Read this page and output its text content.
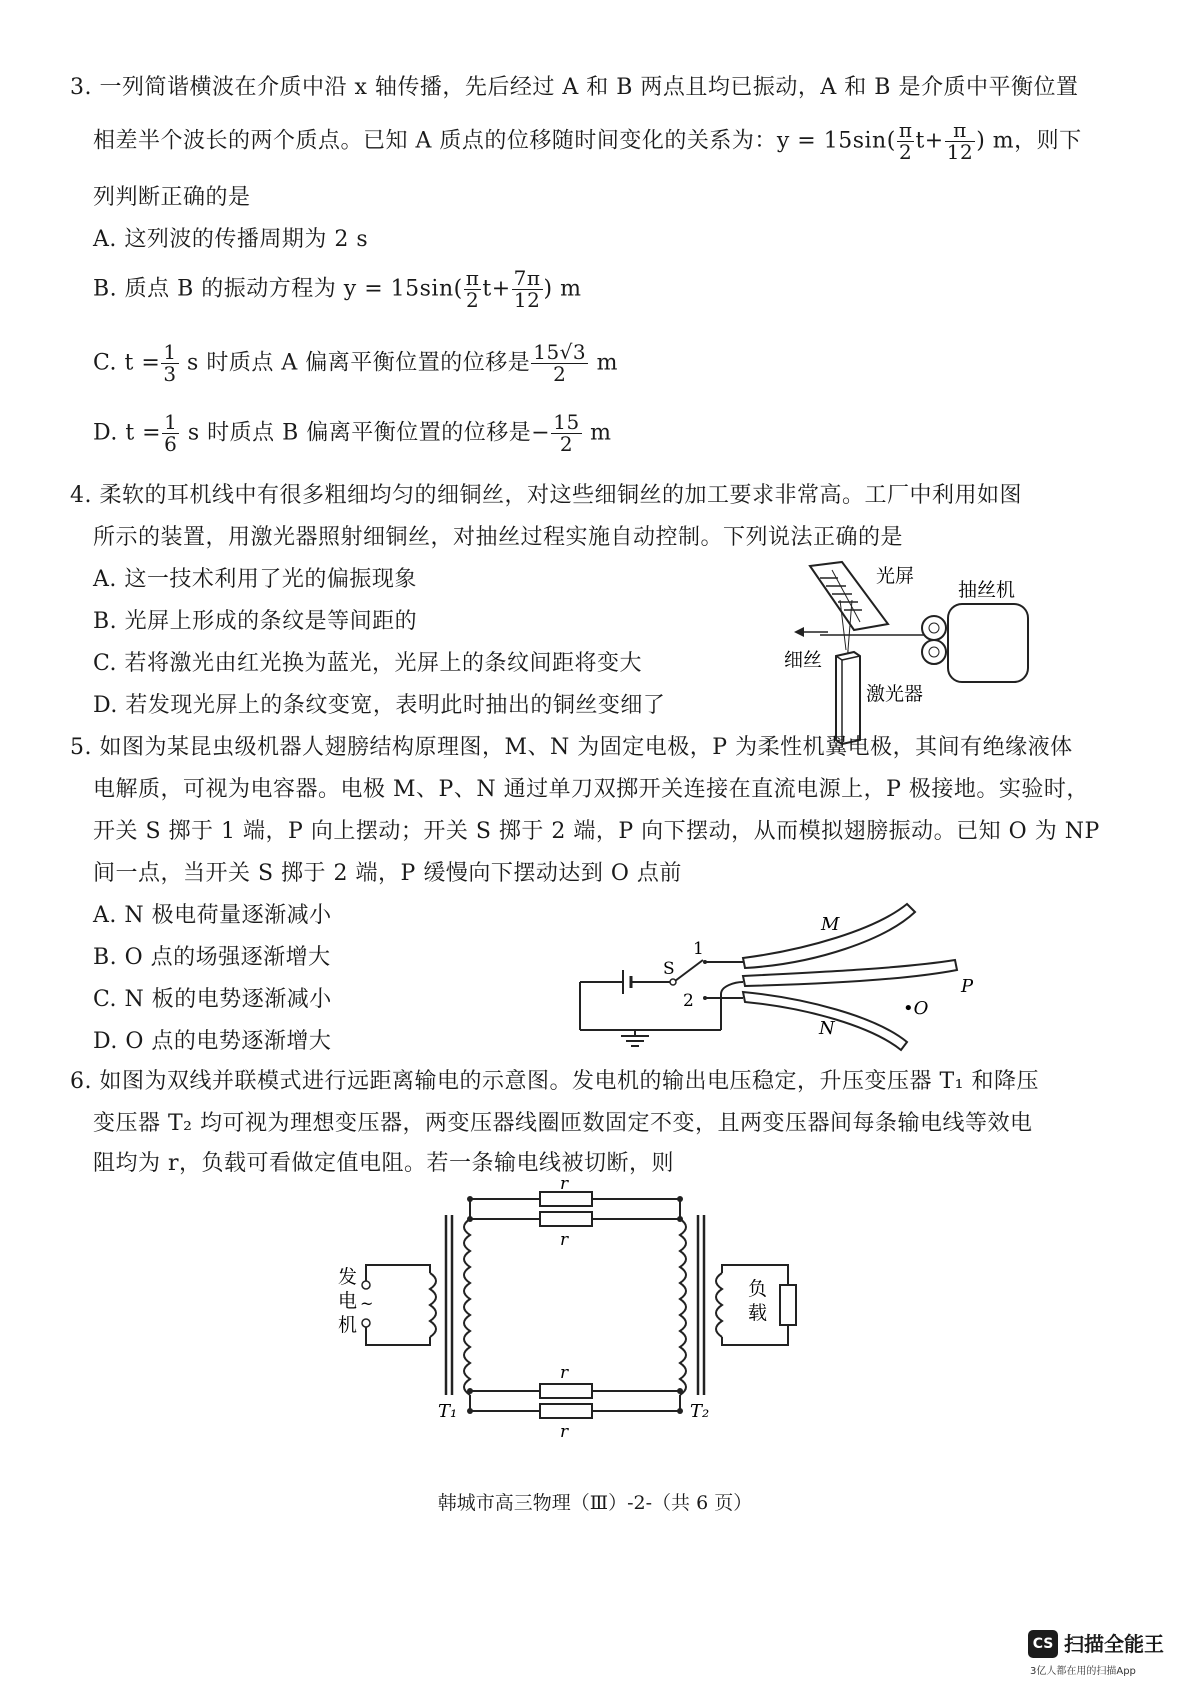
3. 一列简谐横波在介质中沿 x 轴传播，先后经过 A 和 B 两点且均已振动，A 和 B 是介质中平衡位置
相差半个波长的两个质点。已知 A 质点的位移随时间变化的关系为：$y = 15\sin( \frac{\pi}{2} t+ \frac{\pi}{12}$ ) m，则下
列判断正确的是
A. 这列波的传播周期为 2 s
B. 质点 B 的振动方程为 $y = 15\sin( \frac{\pi}{2} t+ \frac{7\pi}{12}$ ) m
C. $t = \frac{1}{3}$ s 时质点 A 偏离平衡位置的位移是 $\frac{15√3}{2}$ m
D. $t = \frac{1}{6}$ s 时质点 B 偏离平衡位置的位移是− $\frac{15}{2}$ m
4. 柔软的耳机线中有很多粗细均匀的细铜丝，对这些细铜丝的加工要求非常高。工厂中利用如图
所示的装置，用激光器照射细铜丝，对抽丝过程实施自动控制。下列说法正确的是
A. 这一技术利用了光的偏振现象
B. 光屏上形成的条纹是等间距的
C. 若将激光由红光换为蓝光，光屏上的条纹间距将变大
D. 若发现光屏上的条纹变宽，表明此时抽出的铜丝变细了
光屏
细丝
激光器
抽丝机
5. 如图为某昆虫级机器人翅膀结构原理图，M、N 为固定电极，P 为柔性机翼电极，其间有绝缘液体
电解质，可视为电容器。电极 M、P、N 通过单刀双掷开关连接在直流电源上，P 极接地。实验时，
开关 S 掷于 1 端，P 向上摆动；开关 S 掷于 2 端，P 向下摆动，从而模拟翅膀振动。已知 O 为 NP
间一点，当开关 S 掷于 2 端，P 缓慢向下摆动达到 O 点前
A. N 极电荷量逐渐减小
B. O 点的场强逐渐增大
C. N 板的电势逐渐减小
D. O 点的电势逐渐增大
S
1
2
M
P
N
•O
6. 如图为双线并联模式进行远距离输电的示意图。发电机的输出电压稳定，升压变压器 T₁ 和降压
变压器 T₂ 均可视为理想变压器，两变压器线圈匝数固定不变，且两变压器间每条输电线等效电
阻均为 r，负载可看做定值电阻。若一条输电线被切断，则
发
电
机
~
T₁
r
r
r
r
T₂
负
载
韩城市高三物理（Ⅲ）-2-（共 6 页）
CS 扫描全能王
3亿人都在用的扫描App
